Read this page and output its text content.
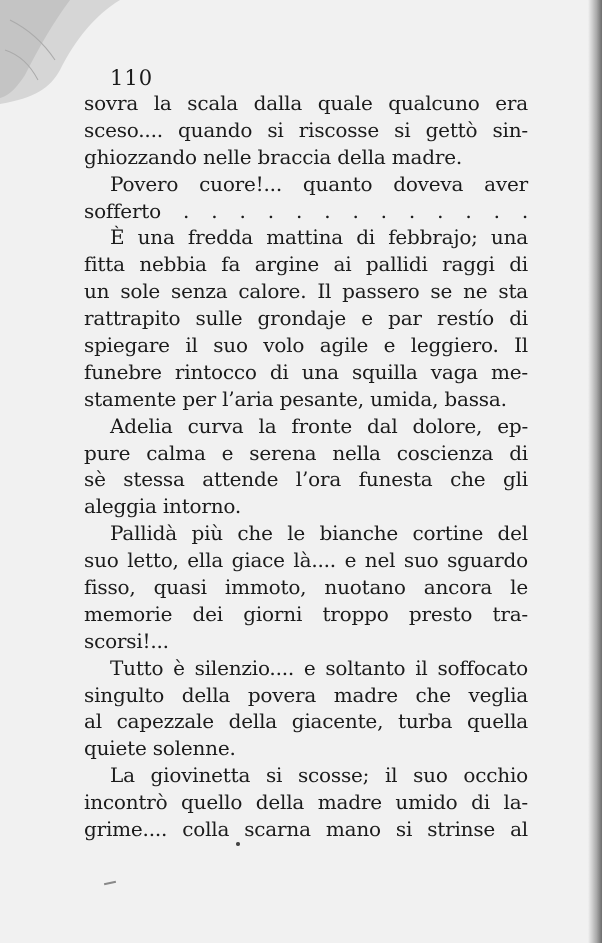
110
sovra la scala dalla quale qualcuno era
sceso.... quando si riscosse si gettò sin-
ghiozzando nelle braccia della madre.
Povero cuore!... quanto doveva aver
sofferto . . . . . . . . . . . . .
È una fredda mattina di febbrajo; una
fitta nebbia fa argine ai pallidi raggi di
un sole senza calore. Il passero se ne sta
rattrapito sulle grondaje e par restío di
spiegare il suo volo agile e leggiero. Il
funebre rintocco di una squilla vaga me-
stamente per l’aria pesante, umida, bassa.
Adelia curva la fronte dal dolore, ep-
pure calma e serena nella coscienza di
sè stessa attende l’ora funesta che gli
aleggia intorno.
Pallidà più che le bianche cortine del
suo letto, ella giace là.... e nel suo sguardo
fisso, quasi immoto, nuotano ancora le
memorie dei giorni troppo presto tra-
scorsi!...
Tutto è silenzio.... e soltanto il soffocato
singulto della povera madre che veglia
al capezzale della giacente, turba quella
quiete solenne.
La giovinetta si scosse; il suo occhio
incontrò quello della madre umido di la-
grime.... colla scarna mano si strinse al
